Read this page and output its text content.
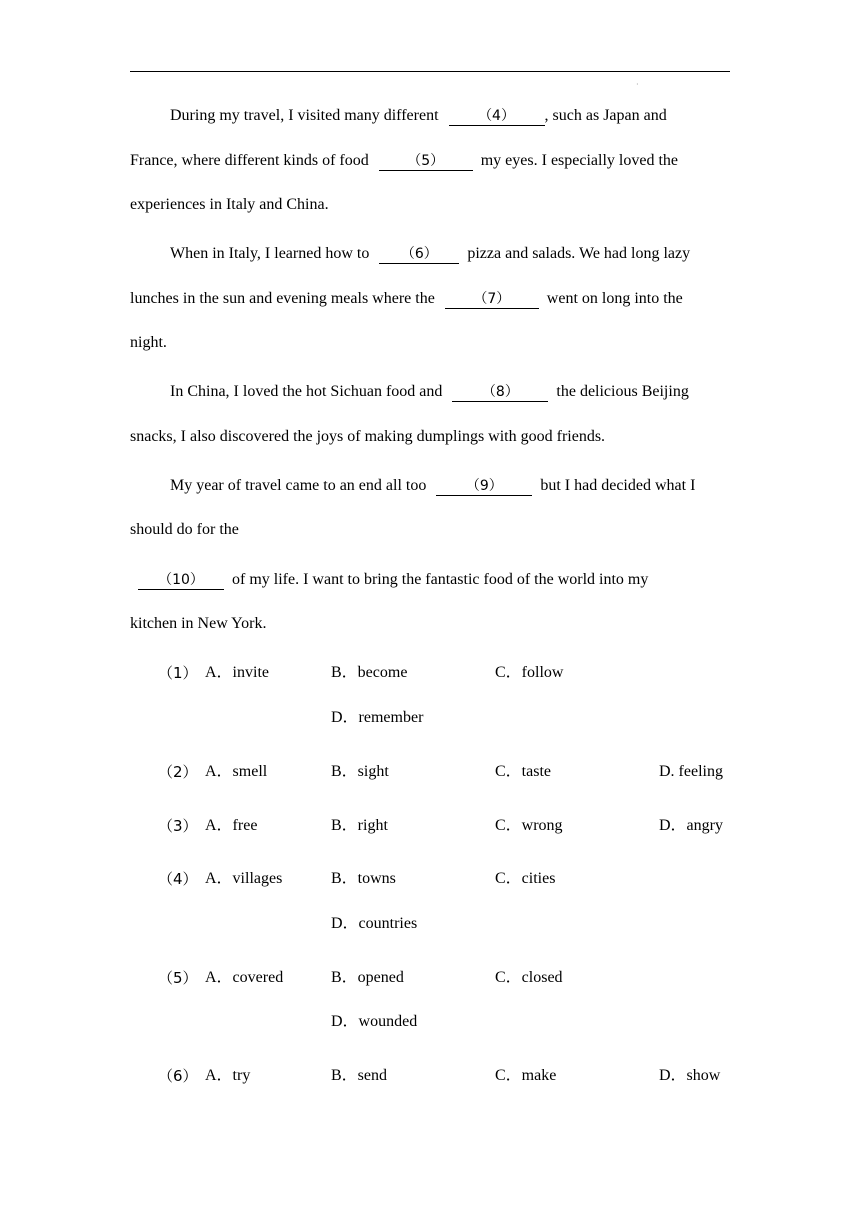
·
During my travel, I visited many different	（4） , such as Japan and
France, where different kinds of food	（5） my eyes. I especially loved the
experiences in Italy and China.
When in Italy, I learned how to （6） pizza and salads. We had long lazy
lunches in the sun and evening meals where the	（7） went on long into the
night.
In China, I loved the hot Sichuan food and	（8） the delicious Beijing
snacks, I also discovered the joys of making dumplings with good friends.
My year of travel came to an end all too	（9） but I had decided what I
should do for the
（10） of my life. I want to bring the fantastic food of the world into my
kitchen in New York.
（1） A．invite	B．become	C．follow
D．remember
（2） A．smell	B．sight	C．taste	D. feeling
（3） A．free	B．right	C．wrong	D．angry
（4） A．villages	B．towns	C．cities
D．countries
（5） A．covered	B．opened	C．closed
D．wounded
（6） A．try	B．send	C．make	D．show
